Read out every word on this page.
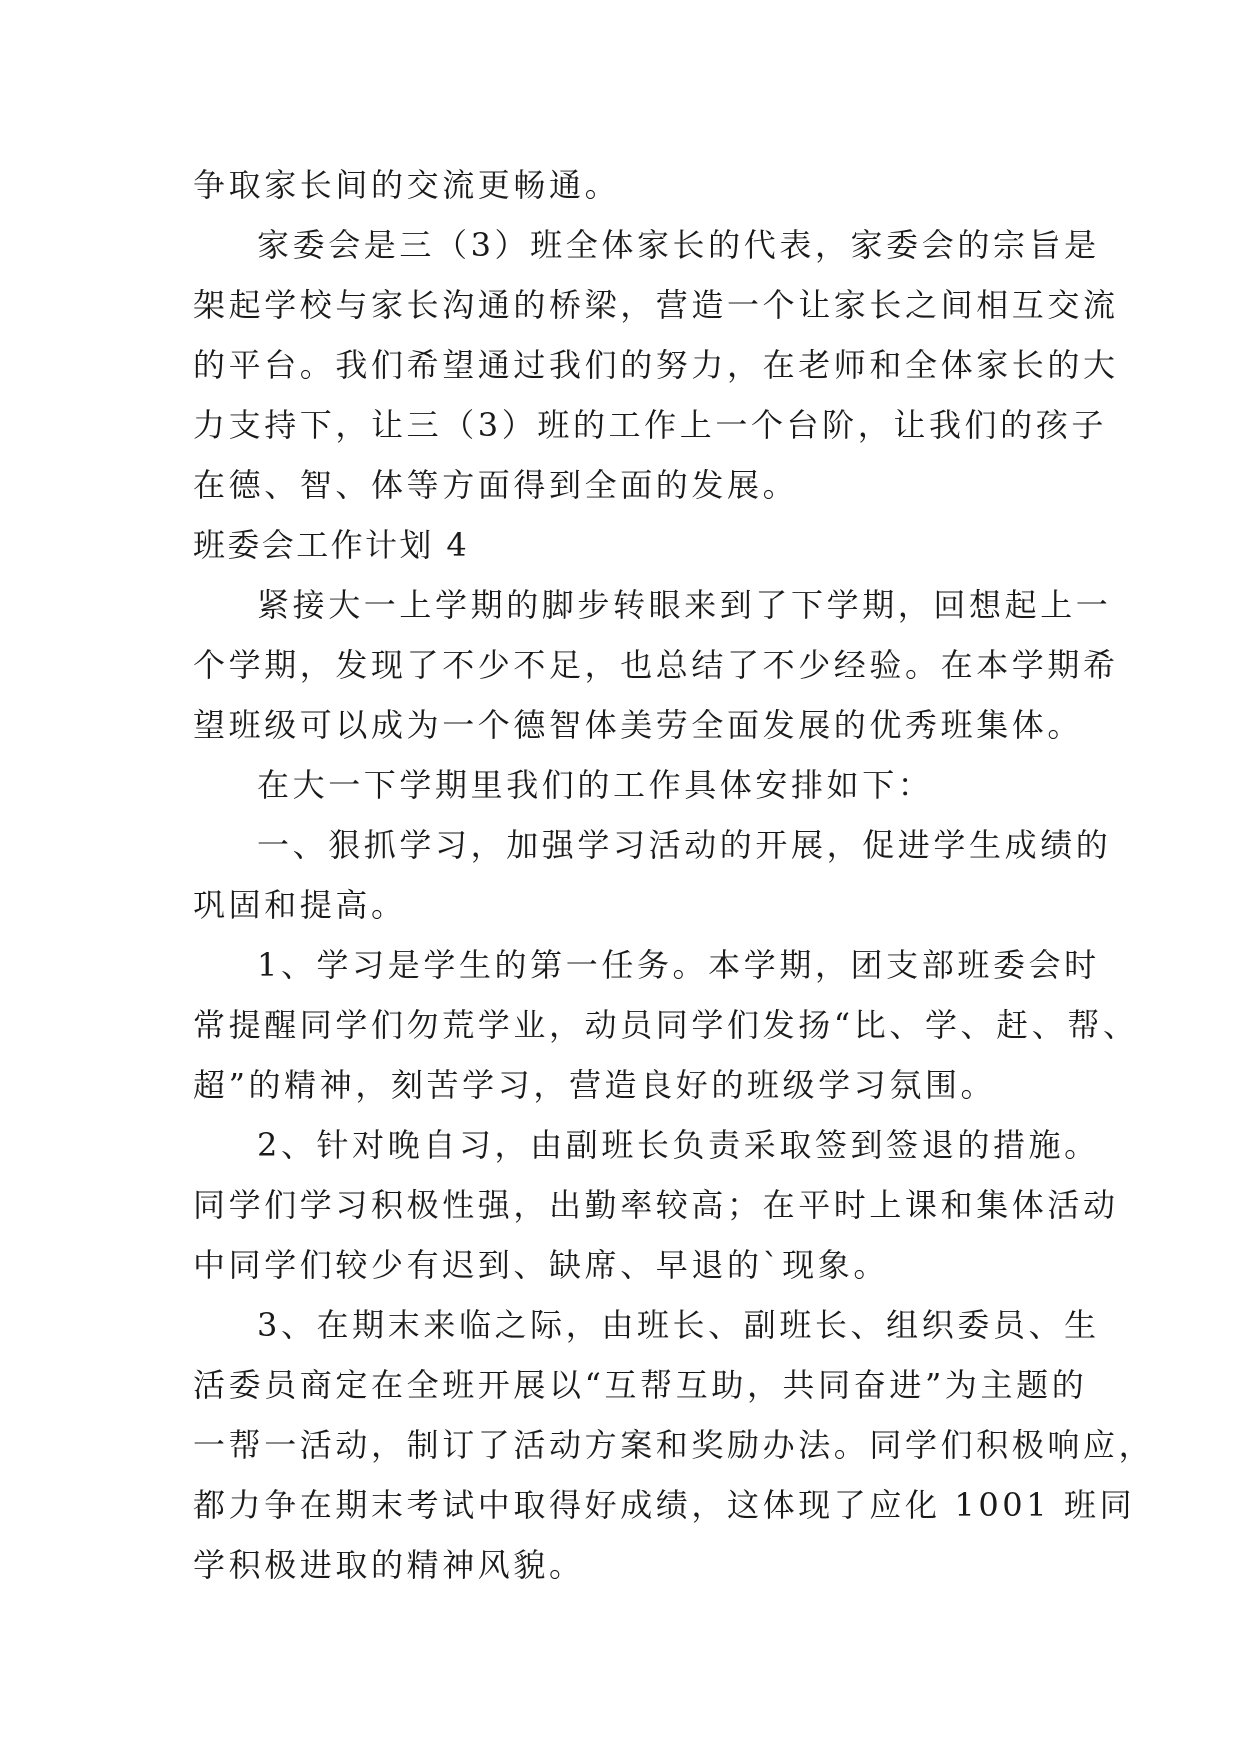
争取家长间的交流更畅通。
家委会是三（3）班全体家长的代表，家委会的宗旨是
架起学校与家长沟通的桥梁，营造一个让家长之间相互交流
的平台。我们希望通过我们的努力，在老师和全体家长的大
力支持下，让三（3）班的工作上一个台阶，让我们的孩子
在德、智、体等方面得到全面的发展。
班委会工作计划 4
紧接大一上学期的脚步转眼来到了下学期，回想起上一
个学期，发现了不少不足，也总结了不少经验。在本学期希
望班级可以成为一个德智体美劳全面发展的优秀班集体。
在大一下学期里我们的工作具体安排如下：
一、狠抓学习，加强学习活动的开展，促进学生成绩的
巩固和提高。
1、学习是学生的第一任务。本学期，团支部班委会时
常提醒同学们勿荒学业，动员同学们发扬“比、学、赶、帮、
超”的精神，刻苦学习，营造良好的班级学习氛围。
2、针对晚自习，由副班长负责采取签到签退的措施。
同学们学习积极性强，出勤率较高；在平时上课和集体活动
中同学们较少有迟到、缺席、早退的`现象。
3、在期末来临之际，由班长、副班长、组织委员、生
活委员商定在全班开展以“互帮互助，共同奋进”为主题的
一帮一活动，制订了活动方案和奖励办法。同学们积极响应，
都力争在期末考试中取得好成绩，这体现了应化 1001 班同
学积极进取的精神风貌。
